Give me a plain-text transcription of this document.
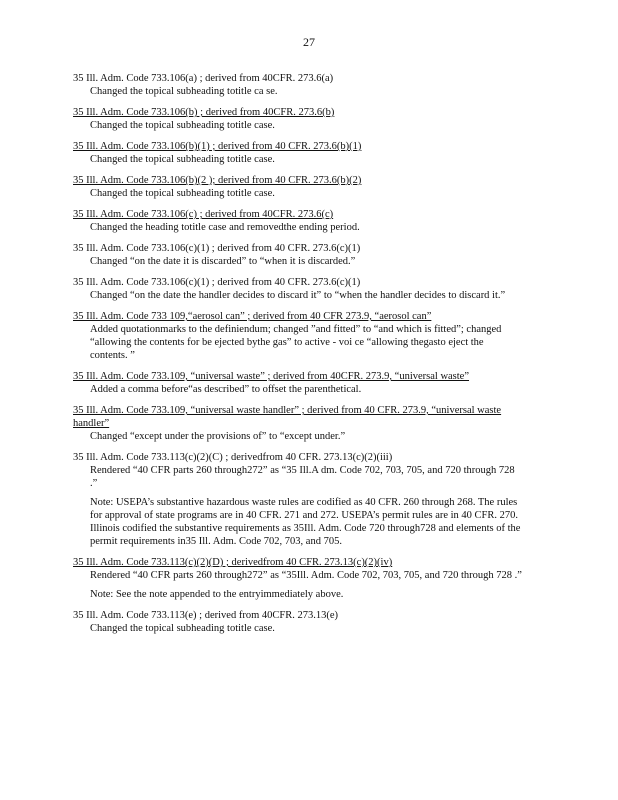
27
35 Ill. Adm. Code 733.106(a) ; derived from 40CFR. 273.6(a)
Changed the topical subheading totitle ca se.
35 Ill. Adm. Code 733.106(b) ; derived from 40CFR. 273.6(b)
Changed the topical subheading totitle case.
35 Ill. Adm. Code 733.106(b)(1) ; derived from 40 CFR. 273.6(b)(1)
Changed the topical subheading totitle case.
35 Ill. Adm. Code 733.106(b)(2 ); derived from 40 CFR. 273.6(b)(2)
Changed the topical subheading totitle case.
35 Ill. Adm. Code 733.106(c) ; derived from 40CFR. 273.6(c)
Changed the heading totitle case and removedthe ending period.
35 Ill. Adm. Code 733.106(c)(1) ; derived from 40 CFR. 273.6(c)(1)
Changed “on the date it is discarded” to “when it is discarded.”
35 Ill. Adm. Code 733.106(c)(1) ; derived from 40 CFR. 273.6(c)(1)
Changed “on the date the handler decides to discard it” to “when the handler decides to discard it.”
35 Ill. Adm. Code 733 109,“aerosol can” ; derived from 40 CFR 273.9, “aerosol can”
Added quotationmarks to the definiendum; changed ”and fitted” to “and which is fitted”; changed “allowing the contents for be ejected bythe gas” to active - voi ce “allowing thegasto eject the contents. ”
35 Ill. Adm. Code 733.109, “universal waste” ; derived from 40CFR. 273.9, “universal waste”
Added a comma before“as described” to offset the parenthetical.
35 Ill. Adm. Code 733.109, “universal waste handler” ; derived from 40 CFR. 273.9, “universal waste handler”
Changed “except under the provisions of” to “except under.”
35 Ill. Adm. Code 733.113(c)(2)(C) ; derivedfrom 40 CFR. 273.13(c)(2)(iii)
Rendered “40 CFR parts 260 through272” as “35 Ill.A dm. Code 702, 703, 705, and 720 through 728 .”
Note: USEPA’s substantive hazardous waste rules are codified as 40 CFR. 260 through 268. The rules for approval of state programs are in 40 CFR. 271 and 272. USEPA’s permit rules are in 40 CFR. 270. Illinois codified the substantive requirements as 35Ill. Adm. Code 720 through728 and elements of the permit requirements in35 Ill. Adm. Code 702, 703, and 705.
35 Ill. Adm. Code 733.113(c)(2)(D) ; derivedfrom 40 CFR. 273.13(c)(2)(iv)
Rendered “40 CFR parts 260 through272” as “35Ill. Adm. Code 702, 703, 705, and 720 through 728 .”
Note: See the note appended to the entryimmediately above.
35 Ill. Adm. Code 733.113(e) ; derived from 40CFR. 273.13(e)
Changed the topical subheading totitle case.
